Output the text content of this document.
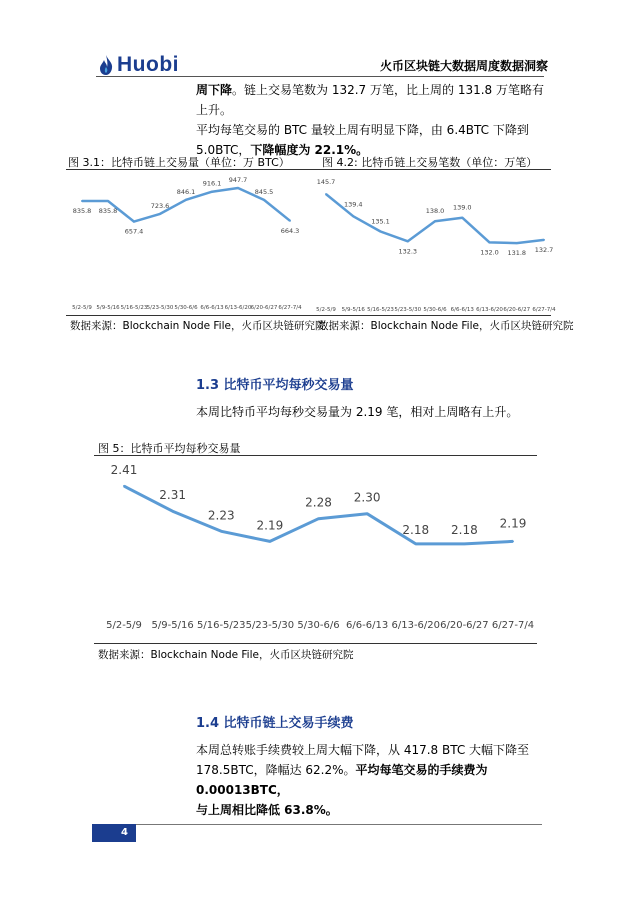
Huobi	火币区块链大数据周度数据洞察
周下降。链上交易笔数为 132.7 万笔，比上周的 131.8 万笔略有上升。
平均每笔交易的 BTC 量较上周有明显下降，由 6.4BTC 下降到
5.0BTC，下降幅度为 22.1%。
图 3.1：比特币链上交易量（单位：万 BTC）	图 4.2: 比特币链上交易笔数（单位：万笔）
835.8
5/2-5/9
835.8
5/9-5/16
657.4
5/16-5/23
723.6
5/23-5/30
846.1
5/30-6/6
916.1
6/6-6/13
947.7
6/13-6/20
845.5
6/20-6/27
664.3
6/27-7/4
145.7
5/2-5/9
139.4
5/9-5/16
135.1
5/16-5/23
132.3
5/23-5/30
138.0
5/30-6/6
139.0
6/6-6/13
132.0
6/13-6/20
131.8
6/20-6/27
132.7
6/27-7/4
数据来源：Blockchain Node File，火币区块链研究院
数据来源：Blockchain Node File，火币区块链研究院
1.3 比特币平均每秒交易量
本周比特币平均每秒交易量为 2.19 笔，相对上周略有上升。
图 5：比特币平均每秒交易量
2.41
5/2-5/9
2.31
5/9-5/16
2.23
5/16-5/23
2.19
5/23-5/30
2.28
5/30-6/6
2.30
6/6-6/13
2.18
6/13-6/20
2.18
6/20-6/27
2.19
6/27-7/4
数据来源：Blockchain Node File，火币区块链研究院
1.4 比特币链上交易手续费
本周总转账手续费较上周大幅下降，从 417.8 BTC 大幅下降至
178.5BTC，降幅达 62.2%。平均每笔交易的手续费为 0.00013BTC，
与上周相比降低 63.8%。
4
